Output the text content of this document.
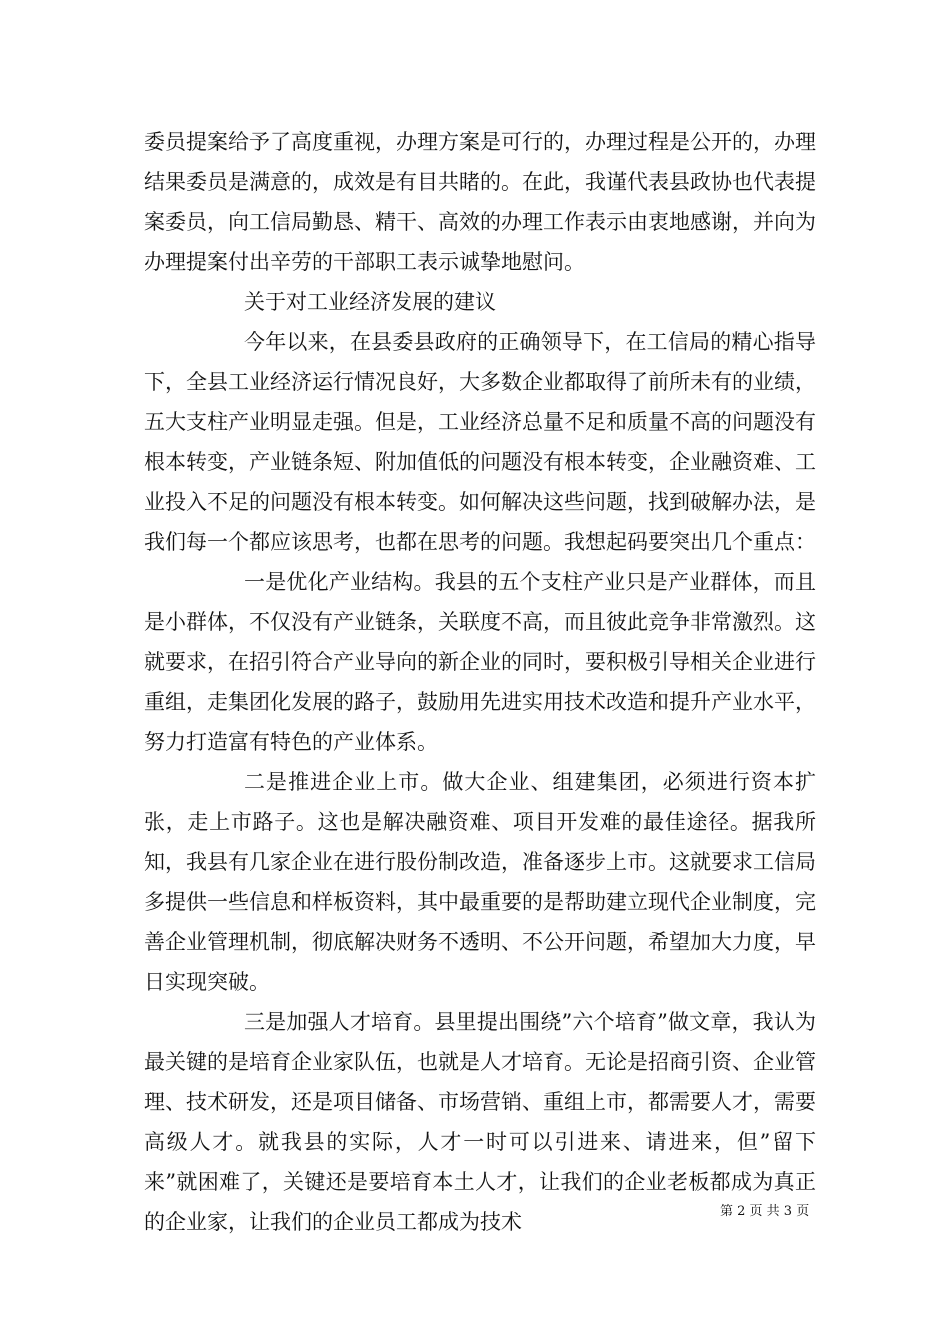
委员提案给予了高度重视，办理方案是可行的，办理过程是公开的，办理结果委员是满意的，成效是有目共睹的。在此，我谨代表县政协也代表提案委员，向工信局勤恳、精干、高效的办理工作表示由衷地感谢，并向为办理提案付出辛劳的干部职工表示诚挚地慰问。

关于对工业经济发展的建议

今年以来，在县委县政府的正确领导下，在工信局的精心指导下，全县工业经济运行情况良好，大多数企业都取得了前所未有的业绩，五大支柱产业明显走强。但是，工业经济总量不足和质量不高的问题没有根本转变，产业链条短、附加值低的问题没有根本转变，企业融资难、工业投入不足的问题没有根本转变。如何解决这些问题，找到破解办法，是我们每一个都应该思考，也都在思考的问题。我想起码要突出几个重点：

一是优化产业结构。我县的五个支柱产业只是产业群体，而且是小群体，不仅没有产业链条，关联度不高，而且彼此竞争非常激烈。这就要求，在招引符合产业导向的新企业的同时，要积极引导相关企业进行重组，走集团化发展的路子，鼓励用先进实用技术改造和提升产业水平，努力打造富有特色的产业体系。

二是推进企业上市。做大企业、组建集团，必须进行资本扩张，走上市路子。这也是解决融资难、项目开发难的最佳途径。据我所知，我县有几家企业在进行股份制改造，准备逐步上市。这就要求工信局多提供一些信息和样板资料，其中最重要的是帮助建立现代企业制度，完善企业管理机制，彻底解决财务不透明、不公开问题，希望加大力度，早日实现突破。

三是加强人才培育。县里提出围绕”六个培育”做文章，我认为最关键的是培育企业家队伍，也就是人才培育。无论是招商引资、企业管理、技术研发，还是项目储备、市场营销、重组上市，都需要人才，需要高级人才。就我县的实际，人才一时可以引进来、请进来，但”留下来”就困难了，关键还是要培育本土人才，让我们的企业老板都成为真正的企业家，让我们的企业员工都成为技术	第 2 页 共 3 页
